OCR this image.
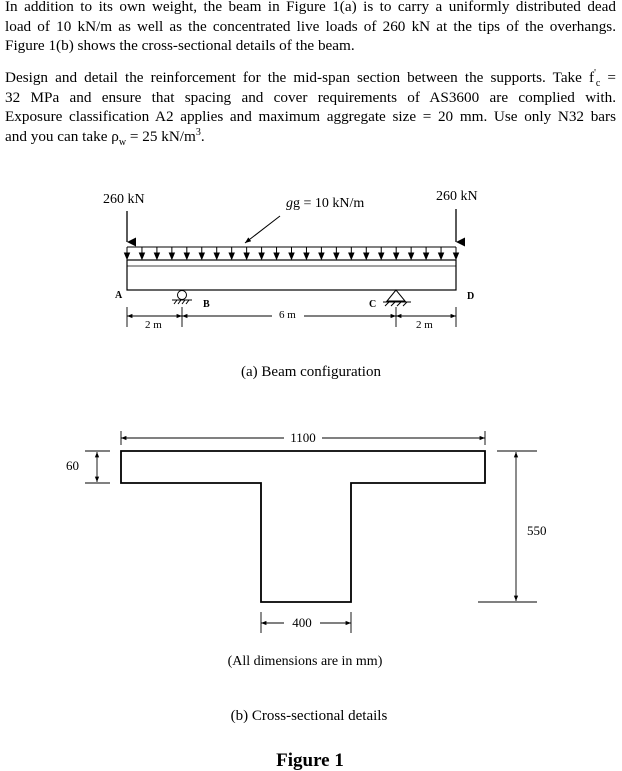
In addition to its own weight, the beam in Figure 1(a) is to carry a uniformly distributed dead
load of 10 kN/m as well as the concentrated live loads of 260 kN at the tips of the overhangs.
Figure 1(b) shows the cross-sectional details of the beam.
Design and detail the reinforcement for the mid-span section between the supports. Take $f'_c$ =
32 MPa and ensure that spacing and cover requirements of AS3600 are complied with.
Exposure classification A2 applies and maximum aggregate size = 20 mm. Use only N32 bars
and you can take $\rho_w = 25$ $kN/m^3$.
260 kN	260 kN
gg = 10 kN/m
A
B	C
D
2 m
6 m
2 m
(a) Beam configuration
1100
60
550
400
(All dimensions are in mm)
(b) Cross-sectional details
Figure 1
